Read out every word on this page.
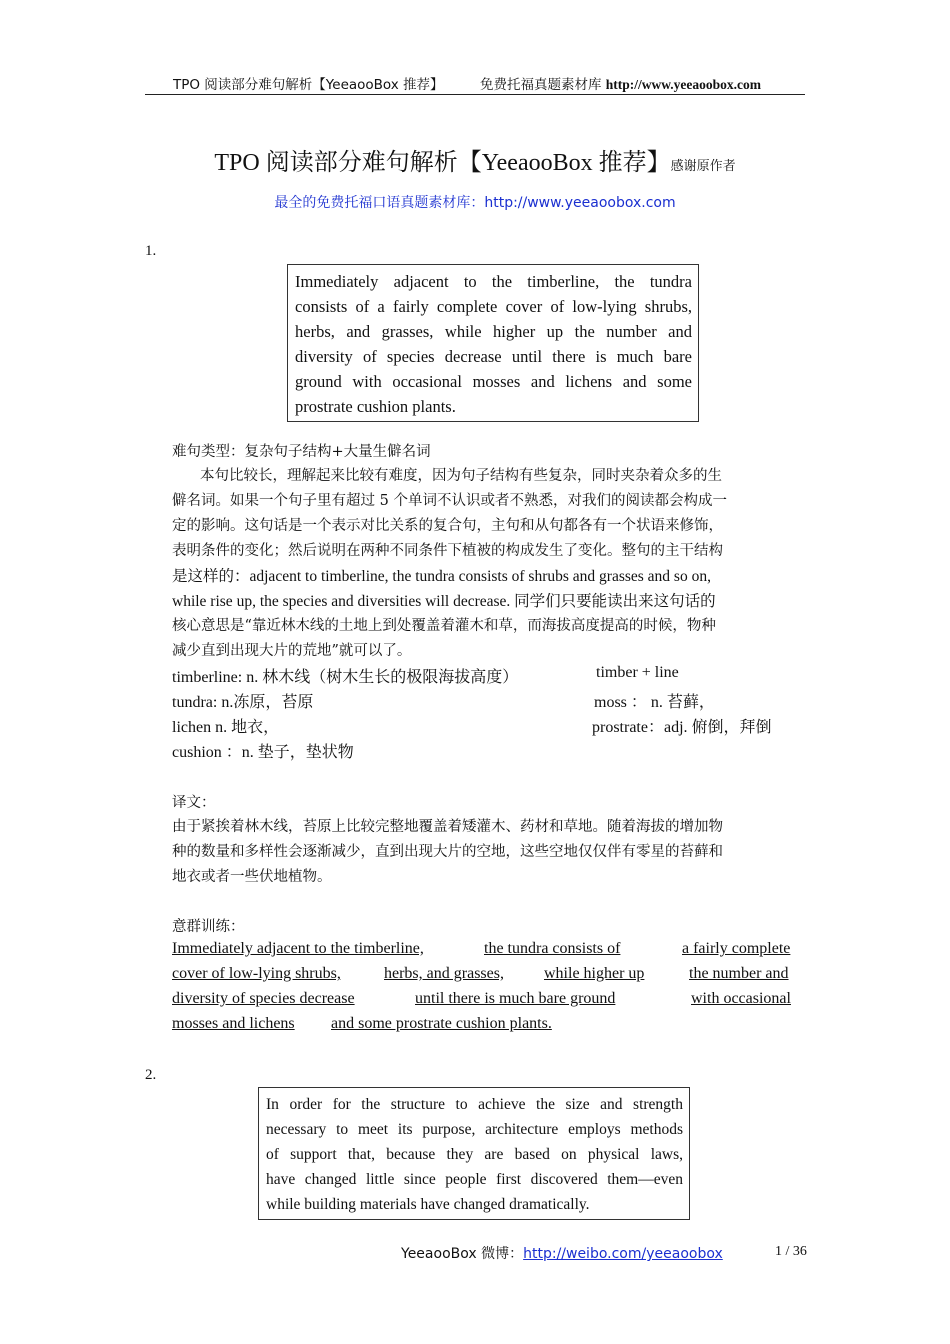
TPO 阅读部分难句解析【YeeaooBox 推荐】	免费托福真题素材库 http://www.yeeaoobox.com
TPO 阅读部分难句解析【YeeaooBox 推荐】感谢原作者
最全的免费托福口语真题素材库：http://www.yeeaoobox.com
1.
Immediately adjacent to the timberline, the tundra
consists of a fairly complete cover of low-lying shrubs,
herbs, and grasses, while higher up the number and
diversity of species decrease until there is much bare
ground with occasional mosses and lichens and some
prostrate cushion plants.
难句类型：复杂句子结构+大量生僻名词
本句比较长，理解起来比较有难度，因为句子结构有些复杂，同时夹杂着众多的生
僻名词。如果一个句子里有超过 5 个单词不认识或者不熟悉，对我们的阅读都会构成一
定的影响。这句话是一个表示对比关系的复合句，主句和从句都各有一个状语来修饰，
表明条件的变化；然后说明在两种不同条件下植被的构成发生了变化。整句的主干结构
是这样的：adjacent to timberline, the tundra consists of shrubs and grasses and so on,
while rise up, the species and diversities will decrease. 同学们只要能读出来这句话的
核心意思是“靠近林木线的土地上到处覆盖着灌木和草，而海拔高度提高的时候，物种
减少直到出现大片的荒地”就可以了。
timberline: n. 林木线（树木生长的极限海拔高度）	timber + line
tundra: n.冻原，苔原	moss ： n. 苔藓，
lichen n. 地衣，	prostrate：adj. 俯倒，拜倒
cushion ：n. 垫子，垫状物
译文：
由于紧挨着林木线，苔原上比较完整地覆盖着矮灌木、药材和草地。随着海拔的增加物
种的数量和多样性会逐渐减少，直到出现大片的空地，这些空地仅仅伴有零星的苔藓和
地衣或者一些伏地植物。
意群训练：
Immediately adjacent to the timberline,	the tundra consists of	a fairly complete
cover of low-lying shrubs,	herbs, and grasses,	while higher up	the number and
diversity of species decrease	until there is much bare ground	with occasional
mosses and lichens and some prostrate cushion plants.
2.
In order for the structure to achieve the size and strength
necessary to meet its purpose, architecture employs methods
of support that, because they are based on physical laws,
have changed little since people first discovered them—even
while building materials have changed dramatically.
YeeaooBox 微博：http://weibo.com/yeeaoobox	1 / 36
